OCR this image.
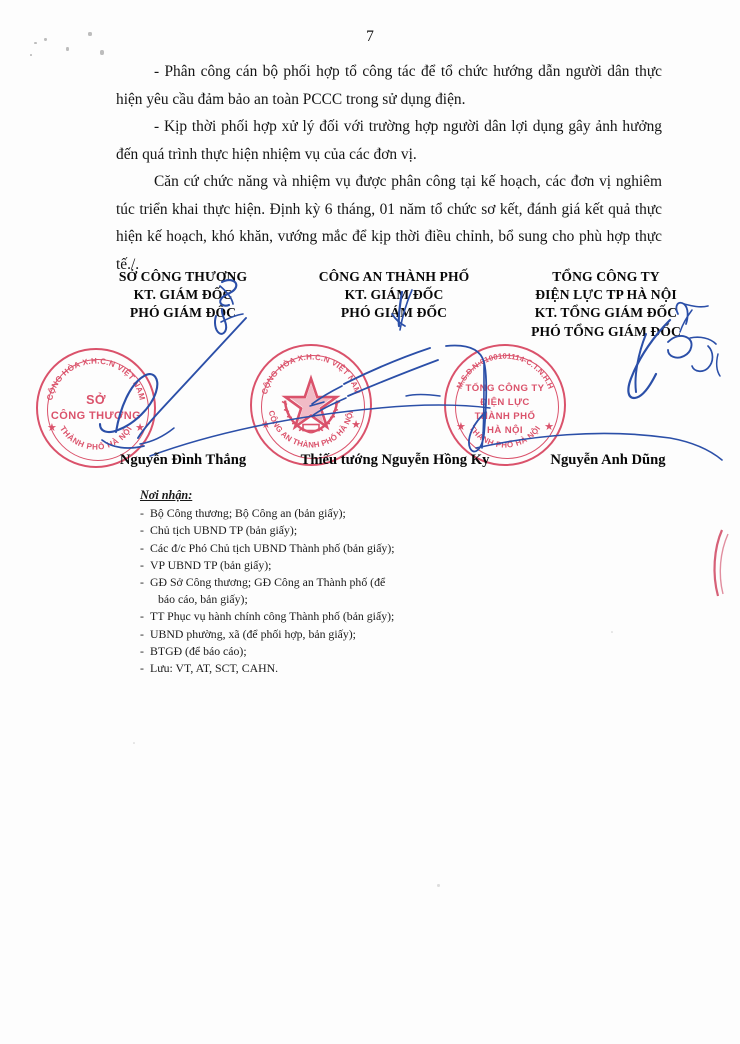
7

- Phân công cán bộ phối hợp tổ công tác để tổ chức hướng dẫn người dân thực hiện yêu cầu đảm bảo an toàn PCCC trong sử dụng điện.

- Kịp thời phối hợp xử lý đối với trường hợp người dân lợi dụng gây ảnh hưởng đến quá trình thực hiện nhiệm vụ của các đơn vị.

Căn cứ chức năng và nhiệm vụ được phân công tại kế hoạch, các đơn vị nghiêm túc triển khai thực hiện. Định kỳ 6 tháng, 01 năm tổ chức sơ kết, đánh giá kết quả thực hiện kế hoạch, khó khăn, vướng mắc để kịp thời điều chỉnh, bổ sung cho phù hợp thực tế./.

SỞ CÔNG THƯƠNG
KT. GIÁM ĐỐC
PHÓ GIÁM ĐỐC
CÔNG AN THÀNH PHỐ
KT. GIÁM ĐỐC
PHÓ GIÁM ĐỐC
TỔNG CÔNG TY
ĐIỆN LỰC TP HÀ NỘI
KT. TỔNG GIÁM ĐỐC
PHÓ TỔNG GIÁM ĐỐC
CỘNG HÒA X.H.C.N VIỆT NAM
THÀNH PHỐ HÀ NỘI
★	★
SỞ
CÔNG THƯƠNG
CỘNG HÒA X.H.C.N VIỆT NAM
CÔNG AN THÀNH PHỐ HÀ NỘI
★	★
M.S.Đ.N:0100101114-C.T.N.H.H
THÀNH PHỐ HÀ NỘI
★	★
TỔNG CÔNG TY
ĐIỆN LỰC
THÀNH PHỐ
HÀ NỘI
Nguyễn Đình Thắng	Thiếu tướng Nguyễn Hồng Ky	Nguyễn Anh Dũng
Nơi nhận:
- Bộ Công thương; Bộ Công an (bản giấy);
- Chủ tịch UBND TP (bản giấy);
- Các đ/c Phó Chủ tịch UBND Thành phố (bản giấy);
- VP UBND TP (bản giấy);
- GĐ Sở Công thương; GĐ Công an Thành phố (để
báo cáo, bản giấy);
- TT Phục vụ hành chính công Thành phố (bản giấy);
- UBND phường, xã (để phối hợp, bản giấy);
- BTGĐ (để báo cáo);
- Lưu: VT, AT, SCT, CAHN.
